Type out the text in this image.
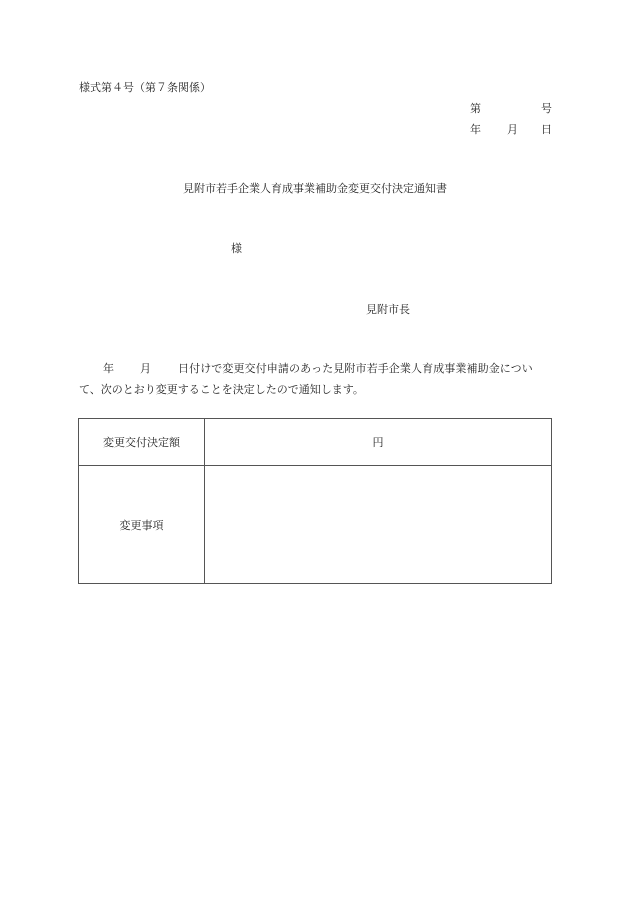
様式第４号（第７条関係）
第	号
年 月 日
見附市若手企業人育成事業補助金変更交付決定通知書
様
見附市長
年 月 日付けで変更交付申請のあった見附市若手企業人育成事業補助金につい
て、次のとおり変更することを決定したので通知します。
変更交付決定額	円
変更事項	
